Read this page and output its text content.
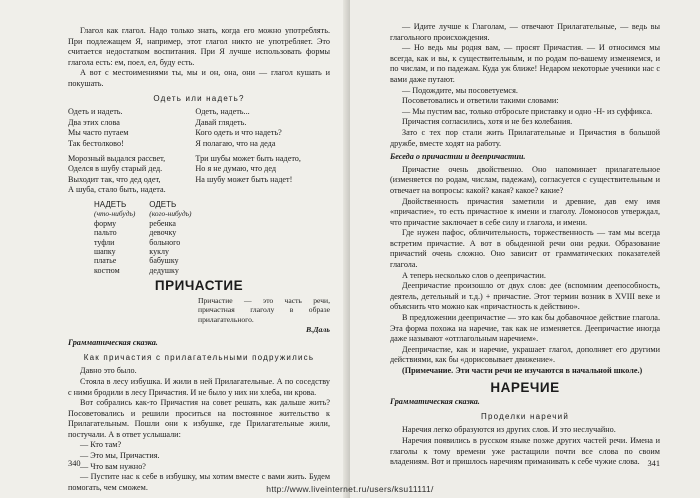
Глагол как глагол. Надо только знать, когда его можно употреблять. При подлежащем Я, например, этот глагол никто не употребляет. Это считается недостатком воспитания. При Я лучше использовать формы глагола есть: ем, поел, ел, буду есть.

А вот с местоимениями ты, мы и он, она, они — глагол кушать и покушать.

Одеть или надеть?
Одеть и надеть.
Два этих слова
Мы часто путаем
Так бестолково!
Одеть, надеть...
Давай глядеть.
Кого одеть и что надеть?
Я полагаю, что на деда
Морозный выдался рассвет,
Оделся в шубу старый дед.
Выходит так, что дед одет,
А шуба, стало быть, надета.
Три шубы может быть надето,
Но я не думаю, что дед
На шубу может быть надет!
НАДЕТЬ	ОДЕТЬ
(что-нибудь)	(кого-нибудь)
форму	ребенка
пальто	девочку
туфли	больного
шапку	куклу
платье	бабушку
костюм	дедушку
ПРИЧАСТИЕ

Причастие — это часть речи, причастная глаголу в образе прилагательного.

В.Даль

Грамматическая сказка.

Как причастия с прилагательными подружились

Давно это было.

Стояла в лесу избушка. И жили в ней Прилагательные. А по соседству с ними бродили в лесу Причастия. И не было у них ни хлеба, ни крова.

Вот собрались как-то Причастия на совет решать, как дальше жить? Посоветовались и решили проситься на постоянное жительство к Прилагательным. Пошли они к избушке, где Прилагательные жили, постучали. А в ответ услышали:

— Кто там?

— Это мы, Причастия.

— Что вам нужно?

— Пустите нас к себе в избушку, мы хотим вместе с вами жить. Будем помогать, чем сможем.

340

— Идите лучше к Глаголам, — отвечают Прилагательные, — ведь вы глагольного происхождения.

— Но ведь мы родня вам, — просят Причастия. — И относимся мы всегда, как и вы, к существительным, и по родам по-вашему изменяемся, и по числам, и по падежам. Куда уж ближе! Недаром некоторые ученики нас с вами даже путают.

— Подождите, мы посоветуемся.

Посоветовались и ответили такими словами:

— Мы пустим вас, только отбросьте приставку и одно -Н- из суффикса.

Причастия согласились, хотя и не без колебания.

Зато с тех пор стали жить Прилагательные и Причастия в большой дружбе, вместе ходят на работу.

Беседа о причастии и деепричастии.

Причастие очень двойственно. Оно напоминает прилагательное (изменяется по родам, числам, падежам), согласуется с существительным и отвечает на вопросы: какой? какая? какое? какие?

Двойственность причастия заметили и древние, дав ему имя «причастие», то есть причастное к имени и глаголу. Ломоносов утверждал, что причастие заключает в себе силу и глагола, и имени.

Где нужен пафос, обличительность, торжественность — там мы всегда встретим причастие. А вот в обыденной речи они редки. Образование причастий очень сложно. Оно зависит от грамматических показателей глагола.

А теперь несколько слов о деепричастии.

Деепричастие произошло от двух слов: дее (вспомним деепособность, деятель, детельный и т.д.) + причастие. Этот термин возник в XVIII веке и объяснить что можно как «причастность к действию».

В предложении деепричастие — это как бы добавочное действие глагола. Эта форма похожа на наречие, так как не изменяется. Деепричастие иногда даже называют «отглагольным наречием».

Деепричастие, как и наречие, украшает глагол, дополняет его другими действиями, как бы «дорисовывает движение».

(Примечание. Эти части речи не изучаются в начальной школе.)

НАРЕЧИЕ

Грамматическая сказка.

Проделки наречий

Наречия легко образуются из других слов. И это неслучайно.

Наречия появились в русском языке позже других частей речи. Имена и глаголы к тому времени уже растащили почти все слова по своим владениям. Вот и пришлось наречиям приманивать к себе чужие слова. 341
http://www.liveinternet.ru/users/ksu11111/
